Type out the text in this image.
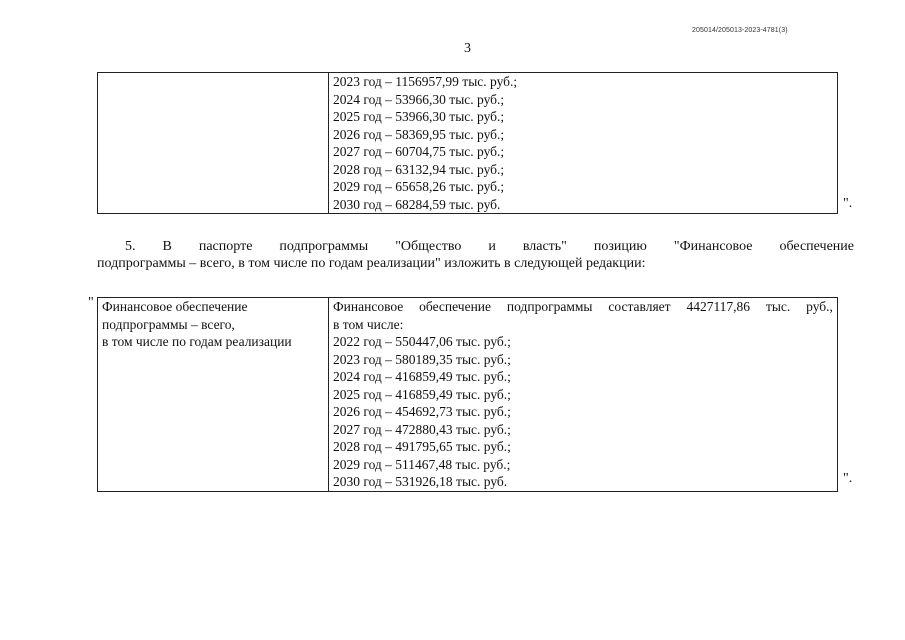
205014/205013-2023-4781(3)
3

2023 год – 1156957,99 тыс. руб.;
2024 год – 53966,30 тыс. руб.;
2025 год – 53966,30 тыс. руб.;
2026 год – 58369,95 тыс. руб.;
2027 год – 60704,75 тыс. руб.;
2028 год – 63132,94 тыс. руб.;
2029 год – 65658,26 тыс. руб.;
2030 год – 68284,59 тыс. руб.	".
5. В паспорте подпрограммы "Общество и власть" позицию "Финансовое обеспечение
подпрограммы – всего, в том числе по годам реализации" изложить в следующей редакции:
" Финансовое обеспечение
подпрограммы – всего,
в том числе по годам реализации

Финансовое обеспечение подпрограммы составляет 4427117,86 тыс. руб.,
в том числе:
2022 год – 550447,06 тыс. руб.;
2023 год – 580189,35 тыс. руб.;
2024 год – 416859,49 тыс. руб.;
2025 год – 416859,49 тыс. руб.;
2026 год – 454692,73 тыс. руб.;
2027 год – 472880,43 тыс. руб.;
2028 год – 491795,65 тыс. руб.;
2029 год – 511467,48 тыс. руб.;
2030 год – 531926,18 тыс. руб.	".
